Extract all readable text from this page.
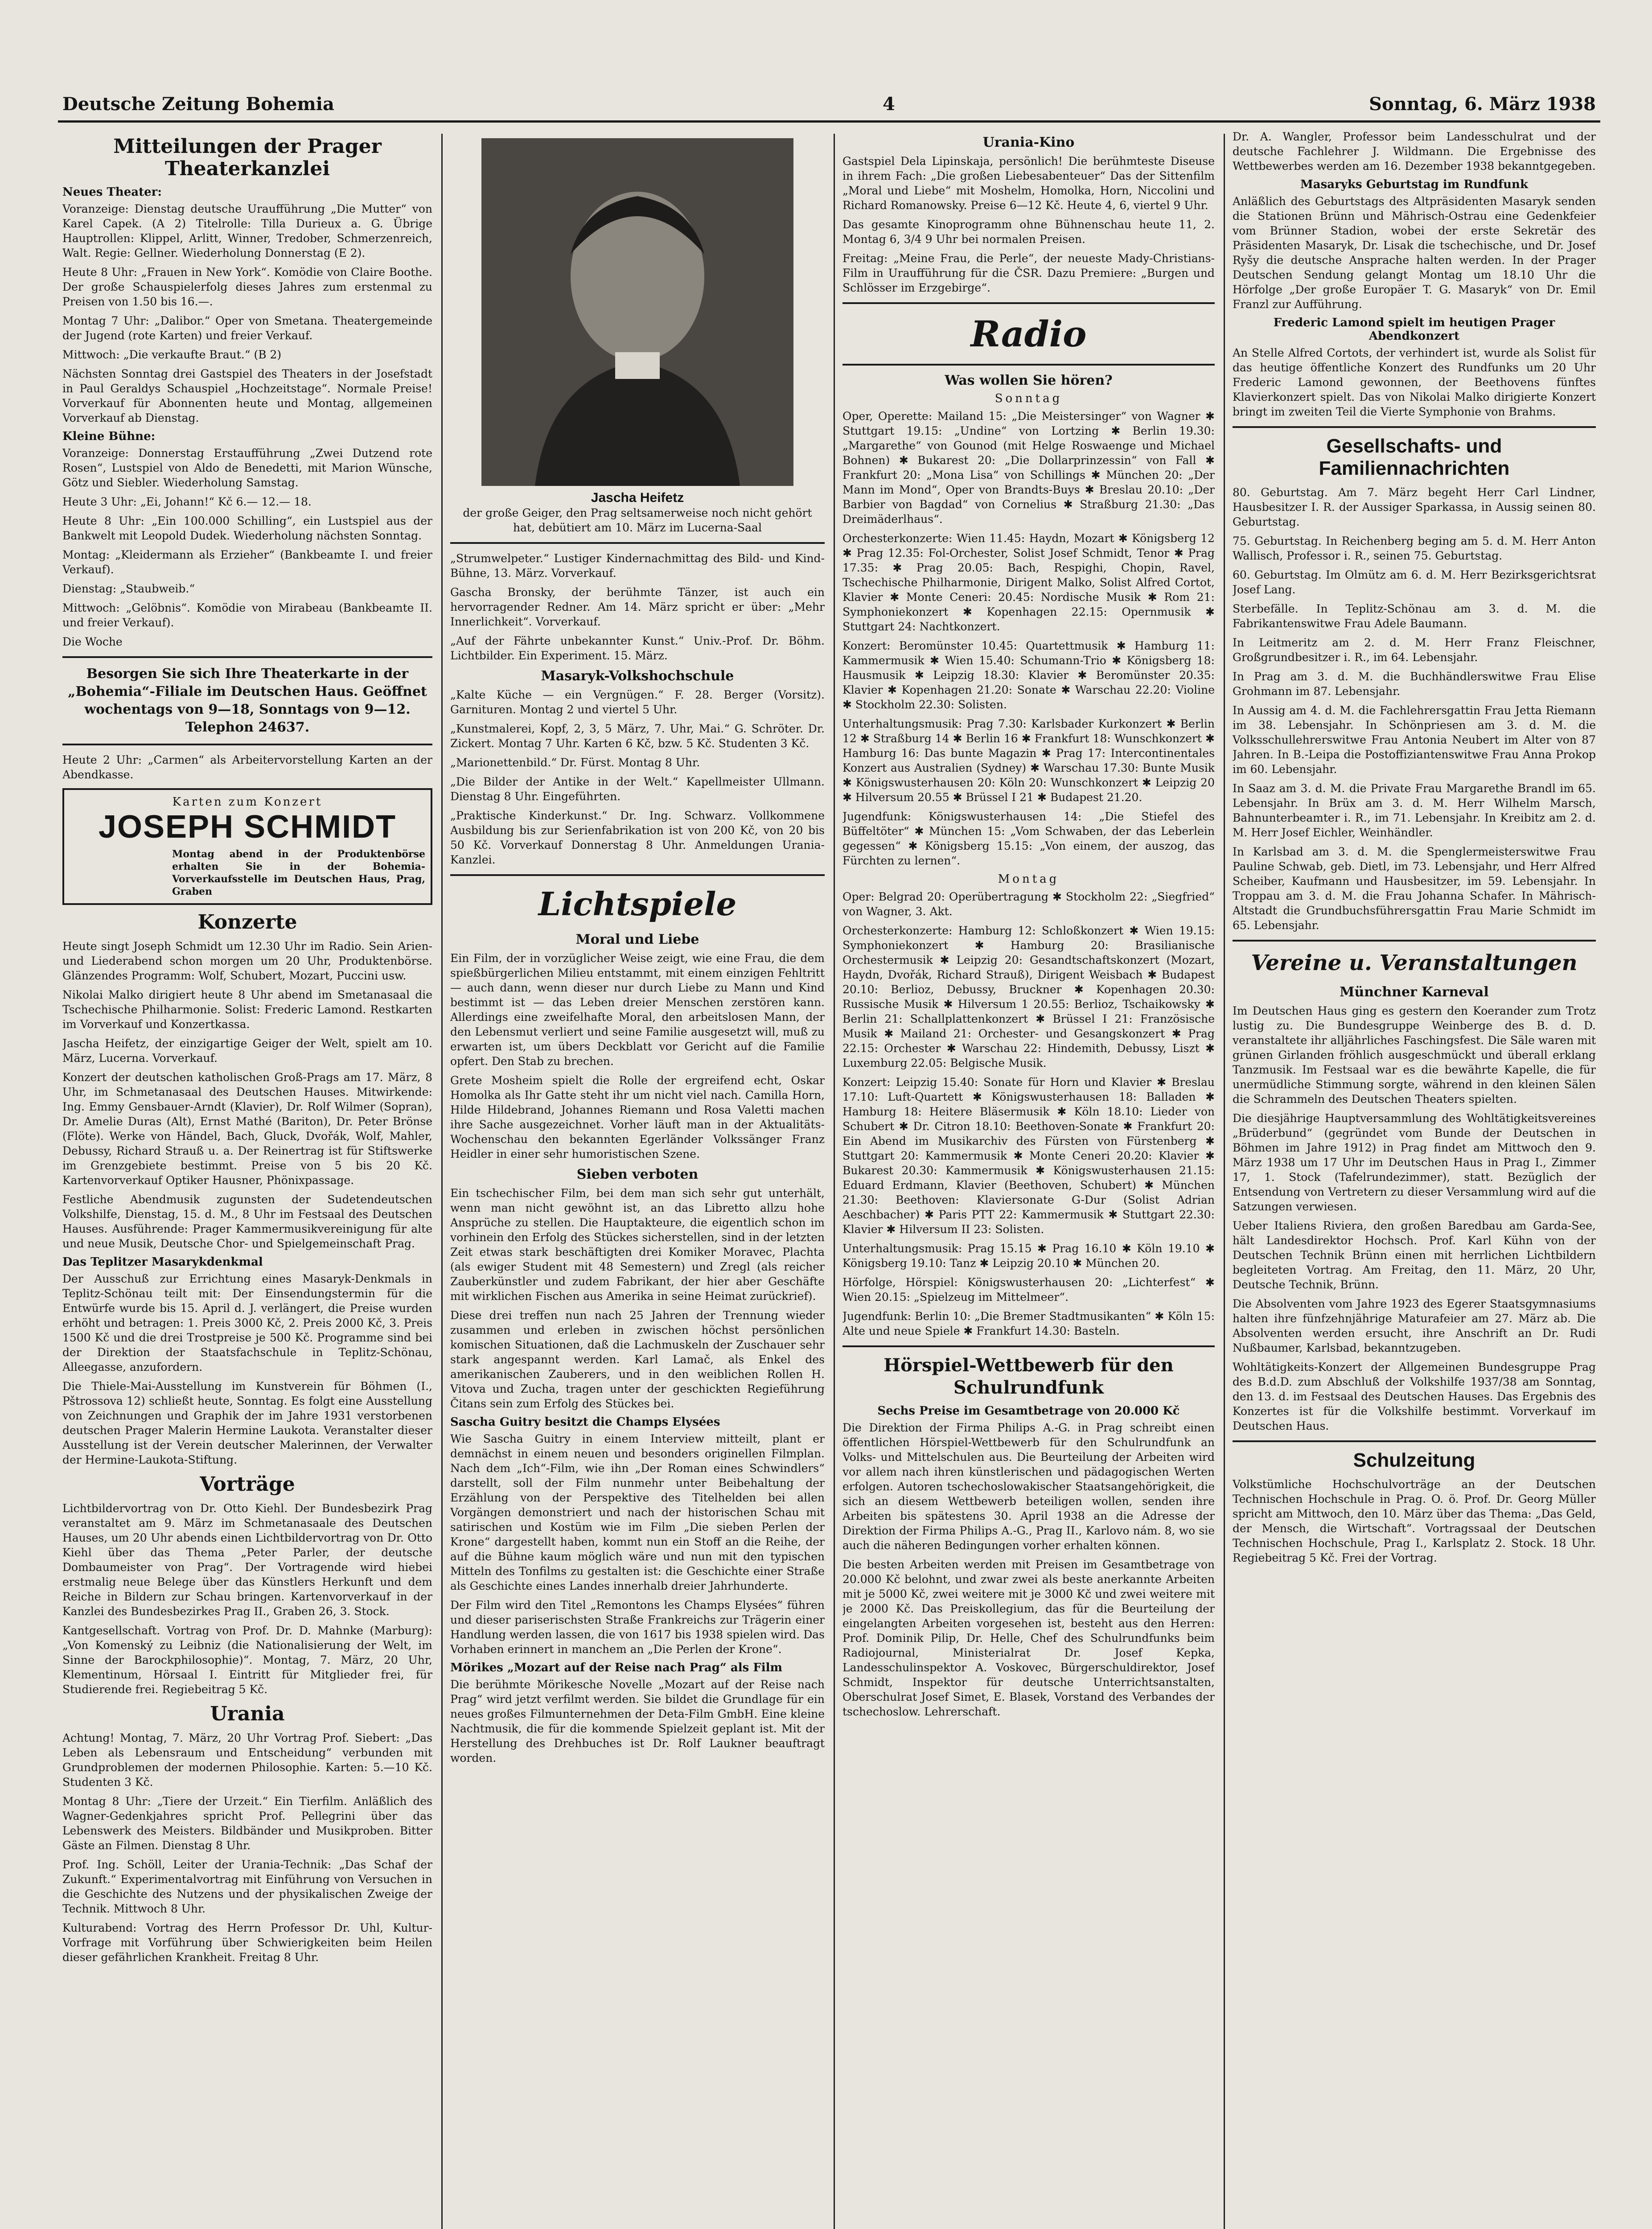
Deutsche Zeitung Bohemia	4	Sonntag, 6. März 1938
Mitteilungen der Prager Theaterkanzlei
Neues Theater:

Voranzeige: Dienstag deutsche Uraufführung „Die Mutter“ von Karel Capek. (A 2) Titelrolle: Tilla Durieux a. G. Übrige Hauptrollen: Klippel, Arlitt, Winner, Tredober, Schmerzenreich, Walt. Regie: Gellner. Wiederholung Donnerstag (E 2).

Heute 8 Uhr: „Frauen in New York“. Komödie von Claire Boothe. Der große Schauspielerfolg dieses Jahres zum erstenmal zu Preisen von 1.50 bis 16.—.

Montag 7 Uhr: „Dalibor.“ Oper von Smetana. Theatergemeinde der Jugend (rote Karten) und freier Verkauf.

Mittwoch: „Die verkaufte Braut.“ (B 2)

Nächsten Sonntag drei Gastspiel des Theaters in der Josefstadt in Paul Geraldys Schauspiel „Hochzeitstage“. Normale Preise! Vorverkauf für Abonnenten heute und Montag, allgemeinen Vorverkauf ab Dienstag.

Kleine Bühne:

Voranzeige: Donnerstag Erstaufführung „Zwei Dutzend rote Rosen“, Lustspiel von Aldo de Benedetti, mit Marion Wünsche, Götz und Siebler. Wiederholung Samstag.

Heute 3 Uhr: „Ei, Johann!“ Kč 6.— 12.— 18.

Heute 8 Uhr: „Ein 100.000 Schilling“, ein Lustspiel aus der Bankwelt mit Leopold Dudek. Wiederholung nächsten Sonntag.

Montag: „Kleidermann als Erzieher“ (Bankbeamte I. und freier Verkauf).

Dienstag: „Staubweib.“

Mittwoch: „Gelöbnis“. Komödie von Mirabeau (Bankbeamte II. und freier Verkauf).

Die Woche

Besorgen Sie sich Ihre Theaterkarte in der „Bohemia“-Filiale im Deutschen Haus. Geöffnet wochentags von 9—18, Sonntags von 9—12. Telephon 24637.

Heute 2 Uhr: „Carmen“ als Arbeitervorstellung Karten an der Abendkasse.

Karten zum Konzert
JOSEPH SCHMIDT

Montag abend in der Produktenbörse erhalten Sie in der Bohemia-Vorverkaufsstelle im Deutschen Haus, Prag, Graben

Konzerte

Heute singt Joseph Schmidt um 12.30 Uhr im Radio. Sein Arien- und Liederabend schon morgen um 20 Uhr, Produktenbörse. Glänzendes Programm: Wolf, Schubert, Mozart, Puccini usw.

Nikolai Malko dirigiert heute 8 Uhr abend im Smetanasaal die Tschechische Philharmonie. Solist: Frederic Lamond. Restkarten im Vorverkauf und Konzertkassa.

Jascha Heifetz, der einzigartige Geiger der Welt, spielt am 10. März, Lucerna. Vorverkauf.

Konzert der deutschen katholischen Groß-Prags am 17. März, 8 Uhr, im Schmetanasaal des Deutschen Hauses. Mitwirkende: Ing. Emmy Gensbauer-Arndt (Klavier), Dr. Rolf Wilmer (Sopran), Dr. Amelie Duras (Alt), Ernst Mathé (Bariton), Dr. Peter Brönse (Flöte). Werke von Händel, Bach, Gluck, Dvořák, Wolf, Mahler, Debussy, Richard Strauß u. a. Der Reinertrag ist für Stiftswerke im Grenzgebiete bestimmt. Preise von 5 bis 20 Kč. Kartenvorverkauf Optiker Hausner, Phönixpassage.

Festliche Abendmusik zugunsten der Sudetendeutschen Volkshilfe, Dienstag, 15. d. M., 8 Uhr im Festsaal des Deutschen Hauses. Ausführende: Prager Kammermusikvereinigung für alte und neue Musik, Deutsche Chor- und Spielgemeinschaft Prag.

Das Teplitzer Masarykdenkmal

Der Ausschuß zur Errichtung eines Masaryk-Denkmals in Teplitz-Schönau teilt mit: Der Einsendungstermin für die Entwürfe wurde bis 15. April d. J. verlängert, die Preise wurden erhöht und betragen: 1. Preis 3000 Kč, 2. Preis 2000 Kč, 3. Preis 1500 Kč und die drei Trostpreise je 500 Kč. Programme sind bei der Direktion der Staatsfachschule in Teplitz-Schönau, Alleegasse, anzufordern.

Die Thiele-Mai-Ausstellung im Kunstverein für Böhmen (I., Pštrossova 12) schließt heute, Sonntag. Es folgt eine Ausstellung von Zeichnungen und Graphik der im Jahre 1931 verstorbenen deutschen Prager Malerin Hermine Laukota. Veranstalter dieser Ausstellung ist der Verein deutscher Malerinnen, der Verwalter der Hermine-Laukota-Stiftung.

Vorträge

Lichtbildervortrag von Dr. Otto Kiehl. Der Bundesbezirk Prag veranstaltet am 9. März im Schmetanasaale des Deutschen Hauses, um 20 Uhr abends einen Lichtbildervortrag von Dr. Otto Kiehl über das Thema „Peter Parler, der deutsche Dombaumeister von Prag“. Der Vortragende wird hiebei erstmalig neue Belege über das Künstlers Herkunft und dem Reiche in Bildern zur Schau bringen. Kartenvorverkauf in der Kanzlei des Bundesbezirkes Prag II., Graben 26, 3. Stock.

Kantgesellschaft. Vortrag von Prof. Dr. D. Mahnke (Marburg): „Von Komenský zu Leibniz (die Nationalisierung der Welt, im Sinne der Barockphilosophie)“. Montag, 7. März, 20 Uhr, Klementinum, Hörsaal I. Eintritt für Mitglieder frei, für Studierende frei. Regiebeitrag 5 Kč.

Urania

Achtung! Montag, 7. März, 20 Uhr Vortrag Prof. Siebert: „Das Leben als Lebensraum und Entscheidung“ verbunden mit Grundproblemen der modernen Philosophie. Karten: 5.—10 Kč. Studenten 3 Kč.

Montag 8 Uhr: „Tiere der Urzeit.“ Ein Tierfilm. Anläßlich des Wagner-Gedenkjahres spricht Prof. Pellegrini über das Lebenswerk des Meisters. Bildbänder und Musikproben. Bitter Gäste an Filmen. Dienstag 8 Uhr.

Prof. Ing. Schöll, Leiter der Urania-Technik: „Das Schaf der Zukunft.“ Experimentalvortrag mit Einführung von Versuchen in die Geschichte des Nutzens und der physikalischen Zweige der Technik. Mittwoch 8 Uhr.

Kulturabend: Vortrag des Herrn Professor Dr. Uhl, Kultur-Vorfrage mit Vorführung über Schwierigkeiten beim Heilen dieser gefährlichen Krankheit. Freitag 8 Uhr.

Jascha Heifetz

der große Geiger, den Prag seltsamerweise noch nicht gehört hat, debütiert am 10. März im Lucerna-Saal

„Strumwelpeter.“ Lustiger Kindernachmittag des Bild- und Kind-Bühne, 13. März. Vorverkauf.

Gascha Bronsky, der berühmte Tänzer, ist auch ein hervorragender Redner. Am 14. März spricht er über: „Mehr Innerlichkeit“. Vorverkauf.

„Auf der Fährte unbekannter Kunst.“ Univ.-Prof. Dr. Böhm. Lichtbilder. Ein Experiment. 15. März.

Masaryk-Volkshochschule

„Kalte Küche — ein Vergnügen.“ F. 28. Berger (Vorsitz). Garnituren. Montag 2 und viertel 5 Uhr.

„Kunstmalerei, Kopf, 2, 3, 5 März, 7. Uhr, Mai.“ G. Schröter. Dr. Zickert. Montag 7 Uhr. Karten 6 Kč, bzw. 5 Kč. Studenten 3 Kč.

„Marionettenbild.“ Dr. Fürst. Montag 8 Uhr.

„Die Bilder der Antike in der Welt.“ Kapellmeister Ullmann. Dienstag 8 Uhr. Eingeführten.

„Praktische Kinderkunst.“ Dr. Ing. Schwarz. Vollkommene Ausbildung bis zur Serienfabrikation ist von 200 Kč, von 20 bis 50 Kč. Vorverkauf Donnerstag 8 Uhr. Anmeldungen Urania-Kanzlei.

Lichtspiele
Moral und Liebe

Ein Film, der in vorzüglicher Weise zeigt, wie eine Frau, die dem spießbürgerlichen Milieu entstammt, mit einem einzigen Fehltritt — auch dann, wenn dieser nur durch Liebe zu Mann und Kind bestimmt ist — das Leben dreier Menschen zerstören kann. Allerdings eine zweifelhafte Moral, den arbeitslosen Mann, der den Lebensmut verliert und seine Familie ausgesetzt will, muß zu erwarten ist, um übers Deckblatt vor Gericht auf die Familie opfert. Den Stab zu brechen.

Grete Mosheim spielt die Rolle der ergreifend echt, Oskar Homolka als Ihr Gatte steht ihr um nicht viel nach. Camilla Horn, Hilde Hildebrand, Johannes Riemann und Rosa Valetti machen ihre Sache ausgezeichnet. Vorher läuft man in der Aktualitäts-Wochenschau den bekannten Egerländer Volkssänger Franz Heidler in einer sehr humoristischen Szene.

Sieben verboten

Ein tschechischer Film, bei dem man sich sehr gut unterhält, wenn man nicht gewöhnt ist, an das Libretto allzu hohe Ansprüche zu stellen. Die Hauptakteure, die eigentlich schon im vorhinein den Erfolg des Stückes sicherstellen, sind in der letzten Zeit etwas stark beschäftigten drei Komiker Moravec, Plachta (als ewiger Student mit 48 Semestern) und Zregl (als reicher Zauberkünstler und zudem Fabrikant, der hier aber Geschäfte mit wirklichen Fischen aus Amerika in seine Heimat zurückrief).

Diese drei treffen nun nach 25 Jahren der Trennung wieder zusammen und erleben in zwischen höchst persönlichen komischen Situationen, daß die Lachmuskeln der Zuschauer sehr stark angespannt werden. Karl Lamač, als Enkel des amerikanischen Zauberers, und in den weiblichen Rollen H. Vitova und Zucha, tragen unter der geschickten Regieführung Čitans sein zum Erfolg des Stückes bei.

Sascha Guitry besitzt die Champs Elysées

Wie Sascha Guitry in einem Interview mitteilt, plant er demnächst in einem neuen und besonders originellen Filmplan. Nach dem „Ich“-Film, wie ihn „Der Roman eines Schwindlers“ darstellt, soll der Film nunmehr unter Beibehaltung der Erzählung von der Perspektive des Titelhelden bei allen Vorgängen demonstriert und nach der historischen Schau mit satirischen und Kostüm wie im Film „Die sieben Perlen der Krone“ dargestellt haben, kommt nun ein Stoff an die Reihe, der auf die Bühne kaum möglich wäre und nun mit den typischen Mitteln des Tonfilms zu gestalten ist: die Geschichte einer Straße als Geschichte eines Landes innerhalb dreier Jahrhunderte.

Der Film wird den Titel „Remontons les Champs Elysées“ führen und dieser pariserischsten Straße Frankreichs zur Trägerin einer Handlung werden lassen, die von 1617 bis 1938 spielen wird. Das Vorhaben erinnert in manchem an „Die Perlen der Krone“.

Mörikes „Mozart auf der Reise nach Prag“ als Film

Die berühmte Mörikesche Novelle „Mozart auf der Reise nach Prag“ wird jetzt verfilmt werden. Sie bildet die Grundlage für ein neues großes Filmunternehmen der Deta-Film GmbH. Eine kleine Nachtmusik, die für die kommende Spielzeit geplant ist. Mit der Herstellung des Drehbuches ist Dr. Rolf Laukner beauftragt worden.

Urania-Kino

Gastspiel Dela Lipinskaja, persönlich! Die berühmteste Diseuse in ihrem Fach: „Die großen Liebesabenteuer“ Das der Sittenfilm „Moral und Liebe“ mit Moshelm, Homolka, Horn, Niccolini und Richard Romanowsky. Preise 6—12 Kč. Heute 4, 6, viertel 9 Uhr.

Das gesamte Kinoprogramm ohne Bühnenschau heute 11, 2. Montag 6, 3/4 9 Uhr bei normalen Preisen.

Freitag: „Meine Frau, die Perle“, der neueste Mady-Christians-Film in Uraufführung für die ČSR. Dazu Premiere: „Burgen und Schlösser im Erzgebirge“.

Radio
Was wollen Sie hören?
Sonntag

Oper, Operette: Mailand 15: „Die Meistersinger“ von Wagner ✱ Stuttgart 19.15: „Undine“ von Lortzing ✱ Berlin 19.30: „Margarethe“ von Gounod (mit Helge Roswaenge und Michael Bohnen) ✱ Bukarest 20: „Die Dollarprinzessin“ von Fall ✱ Frankfurt 20: „Mona Lisa“ von Schillings ✱ München 20: „Der Mann im Mond“, Oper von Brandts-Buys ✱ Breslau 20.10: „Der Barbier von Bagdad“ von Cornelius ✱ Straßburg 21.30: „Das Dreimäderlhaus“.

Orchesterkonzerte: Wien 11.45: Haydn, Mozart ✱ Königsberg 12 ✱ Prag 12.35: Fol-Orchester, Solist Josef Schmidt, Tenor ✱ Prag 17.35: ✱ Prag 20.05: Bach, Respighi, Chopin, Ravel, Tschechische Philharmonie, Dirigent Malko, Solist Alfred Cortot, Klavier ✱ Monte Ceneri: 20.45: Nordische Musik ✱ Rom 21: Symphoniekonzert ✱ Kopenhagen 22.15: Opernmusik ✱ Stuttgart 24: Nachtkonzert.

Konzert: Beromünster 10.45: Quartettmusik ✱ Hamburg 11: Kammermusik ✱ Wien 15.40: Schumann-Trio ✱ Königsberg 18: Hausmusik ✱ Leipzig 18.30: Klavier ✱ Beromünster 20.35: Klavier ✱ Kopenhagen 21.20: Sonate ✱ Warschau 22.20: Violine ✱ Stockholm 22.30: Solisten.

Unterhaltungsmusik: Prag 7.30: Karlsbader Kurkonzert ✱ Berlin 12 ✱ Straßburg 14 ✱ Berlin 16 ✱ Frankfurt 18: Wunschkonzert ✱ Hamburg 16: Das bunte Magazin ✱ Prag 17: Intercontinentales Konzert aus Australien (Sydney) ✱ Warschau 17.30: Bunte Musik ✱ Königswusterhausen 20: Köln 20: Wunschkonzert ✱ Leipzig 20 ✱ Hilversum 20.55 ✱ Brüssel I 21 ✱ Budapest 21.20.

Jugendfunk: Königswusterhausen 14: „Die Stiefel des Büffeltöter“ ✱ München 15: „Vom Schwaben, der das Leberlein gegessen“ ✱ Königsberg 15.15: „Von einem, der auszog, das Fürchten zu lernen“.

Montag

Oper: Belgrad 20: Operübertragung ✱ Stockholm 22: „Siegfried“ von Wagner, 3. Akt.

Orchesterkonzerte: Hamburg 12: Schloßkonzert ✱ Wien 19.15: Symphoniekonzert ✱ Hamburg 20: Brasilianische Orchestermusik ✱ Leipzig 20: Gesandtschaftskonzert (Mozart, Haydn, Dvořák, Richard Strauß), Dirigent Weisbach ✱ Budapest 20.10: Berlioz, Debussy, Bruckner ✱ Kopenhagen 20.30: Russische Musik ✱ Hilversum 1 20.55: Berlioz, Tschaikowsky ✱ Berlin 21: Schallplattenkonzert ✱ Brüssel I 21: Französische Musik ✱ Mailand 21: Orchester- und Gesangskonzert ✱ Prag 22.15: Orchester ✱ Warschau 22: Hindemith, Debussy, Liszt ✱ Luxemburg 22.05: Belgische Musik.

Konzert: Leipzig 15.40: Sonate für Horn und Klavier ✱ Breslau 17.10: Luft-Quartett ✱ Königswusterhausen 18: Balladen ✱ Hamburg 18: Heitere Bläsermusik ✱ Köln 18.10: Lieder von Schubert ✱ Dr. Citron 18.10: Beethoven-Sonate ✱ Frankfurt 20: Ein Abend im Musikarchiv des Fürsten von Fürstenberg ✱ Stuttgart 20: Kammermusik ✱ Monte Ceneri 20.20: Klavier ✱ Bukarest 20.30: Kammermusik ✱ Königswusterhausen 21.15: Eduard Erdmann, Klavier (Beethoven, Schubert) ✱ München 21.30: Beethoven: Klaviersonate G-Dur (Solist Adrian Aeschbacher) ✱ Paris PTT 22: Kammermusik ✱ Stuttgart 22.30: Klavier ✱ Hilversum II 23: Solisten.

Unterhaltungsmusik: Prag 15.15 ✱ Prag 16.10 ✱ Köln 19.10 ✱ Königsberg 19.10: Tanz ✱ Leipzig 20.10 ✱ München 20.

Hörfolge, Hörspiel: Königswusterhausen 20: „Lichterfest“ ✱ Wien 20.15: „Spielzeug im Mittelmeer“.

Jugendfunk: Berlin 10: „Die Bremer Stadtmusikanten“ ✱ Köln 15: Alte und neue Spiele ✱ Frankfurt 14.30: Basteln.

Hörspiel-Wettbewerb für den Schulrundfunk
Sechs Preise im Gesamtbetrage von 20.000 Kč

Die Direktion der Firma Philips A.-G. in Prag schreibt einen öffentlichen Hörspiel-Wettbewerb für den Schulrundfunk an Volks- und Mittelschulen aus. Die Beurteilung der Arbeiten wird vor allem nach ihren künstlerischen und pädagogischen Werten erfolgen. Autoren tschechoslowakischer Staatsangehörigkeit, die sich an diesem Wettbewerb beteiligen wollen, senden ihre Arbeiten bis spätestens 30. April 1938 an die Adresse der Direktion der Firma Philips A.-G., Prag II., Karlovo nám. 8, wo sie auch die näheren Bedingungen vorher erhalten können.

Die besten Arbeiten werden mit Preisen im Gesamtbetrage von 20.000 Kč belohnt, und zwar zwei als beste anerkannte Arbeiten mit je 5000 Kč, zwei weitere mit je 3000 Kč und zwei weitere mit je 2000 Kč. Das Preiskollegium, das für die Beurteilung der eingelangten Arbeiten vorgesehen ist, besteht aus den Herren: Prof. Dominik Pilip, Dr. Helle, Chef des Schulrundfunks beim Radiojournal, Ministerialrat Dr. Josef Kepka, Landesschulinspektor A. Voskovec, Bürgerschuldirektor, Josef Schmidt, Inspektor für deutsche Unterrichtsanstalten, Oberschulrat Josef Simet, E. Blasek, Vorstand des Verbandes der tschechoslow. Lehrerschaft.

Dr. A. Wangler, Professor beim Landesschulrat und der deutsche Fachlehrer J. Wildmann. Die Ergebnisse des Wettbewerbes werden am 16. Dezember 1938 bekanntgegeben.

Masaryks Geburtstag im Rundfunk

Anläßlich des Geburtstags des Altpräsidenten Masaryk senden die Stationen Brünn und Mährisch-Ostrau eine Gedenkfeier vom Brünner Stadion, wobei der erste Sekretär des Präsidenten Masaryk, Dr. Lisak die tschechische, und Dr. Josef Ryšy die deutsche Ansprache halten werden. In der Prager Deutschen Sendung gelangt Montag um 18.10 Uhr die Hörfolge „Der große Europäer T. G. Masaryk“ von Dr. Emil Franzl zur Aufführung.

Frederic Lamond spielt im heutigen Prager Abendkonzert

An Stelle Alfred Cortots, der verhindert ist, wurde als Solist für das heutige öffentliche Konzert des Rundfunks um 20 Uhr Frederic Lamond gewonnen, der Beethovens fünftes Klavierkonzert spielt. Das von Nikolai Malko dirigierte Konzert bringt im zweiten Teil die Vierte Symphonie von Brahms.

Gesellschafts- und Familiennachrichten

80. Geburtstag. Am 7. März begeht Herr Carl Lindner, Hausbesitzer I. R. der Aussiger Sparkassa, in Aussig seinen 80. Geburtstag.

75. Geburtstag. In Reichenberg beging am 5. d. M. Herr Anton Wallisch, Professor i. R., seinen 75. Geburtstag.

60. Geburtstag. Im Olmütz am 6. d. M. Herr Bezirksgerichtsrat Josef Lang.

Sterbefälle. In Teplitz-Schönau am 3. d. M. die Fabrikantenswitwe Frau Adele Baumann.

In Leitmeritz am 2. d. M. Herr Franz Fleischner, Großgrundbesitzer i. R., im 64. Lebensjahr.

In Prag am 3. d. M. die Buchhändlerswitwe Frau Elise Grohmann im 87. Lebensjahr.

In Aussig am 4. d. M. die Fachlehrersgattin Frau Jetta Riemann im 38. Lebensjahr. In Schönpriesen am 3. d. M. die Volksschullehrerswitwe Frau Antonia Neubert im Alter von 87 Jahren. In B.-Leipa die Postoffiziantenswitwe Frau Anna Prokop im 60. Lebensjahr.

In Saaz am 3. d. M. die Private Frau Margarethe Brandl im 65. Lebensjahr. In Brüx am 3. d. M. Herr Wilhelm Marsch, Bahnunterbeamter i. R., im 71. Lebensjahr. In Kreibitz am 2. d. M. Herr Josef Eichler, Weinhändler.

In Karlsbad am 3. d. M. die Spenglermeisterswitwe Frau Pauline Schwab, geb. Dietl, im 73. Lebensjahr, und Herr Alfred Scheiber, Kaufmann und Hausbesitzer, im 59. Lebensjahr. In Troppau am 3. d. M. die Frau Johanna Schafer. In Mährisch-Altstadt die Grundbuchsführersgattin Frau Marie Schmidt im 65. Lebensjahr.

Vereine u. Veranstaltungen
Münchner Karneval

Im Deutschen Haus ging es gestern den Koerander zum Trotz lustig zu. Die Bundesgruppe Weinberge des B. d. D. veranstaltete ihr alljährliches Faschingsfest. Die Säle waren mit grünen Girlanden fröhlich ausgeschmückt und überall erklang Tanzmusik. Im Festsaal war es die bewährte Kapelle, die für unermüdliche Stimmung sorgte, während in den kleinen Sälen die Schrammeln des Deutschen Theaters spielten.

Die diesjährige Hauptversammlung des Wohltätigkeitsvereines „Brüderbund“ (gegründet vom Bunde der Deutschen in Böhmen im Jahre 1912) in Prag findet am Mittwoch den 9. März 1938 um 17 Uhr im Deutschen Haus in Prag I., Zimmer 17, 1. Stock (Tafelrundezimmer), statt. Bezüglich der Entsendung von Vertretern zu dieser Versammlung wird auf die Satzungen verwiesen.

Ueber Italiens Riviera, den großen Baredbau am Garda-See, hält Landesdirektor Hochsch. Prof. Karl Kühn von der Deutschen Technik Brünn einen mit herrlichen Lichtbildern begleiteten Vortrag. Am Freitag, den 11. März, 20 Uhr, Deutsche Technik, Brünn.

Die Absolventen vom Jahre 1923 des Egerer Staatsgymnasiums halten ihre fünfzehnjährige Maturafeier am 27. März ab. Die Absolventen werden ersucht, ihre Anschrift an Dr. Rudi Nußbaumer, Karlsbad, bekanntzugeben.

Wohltätigkeits-Konzert der Allgemeinen Bundesgruppe Prag des B.d.D. zum Abschluß der Volkshilfe 1937/38 am Sonntag, den 13. d. im Festsaal des Deutschen Hauses. Das Ergebnis des Konzertes ist für die Volkshilfe bestimmt. Vorverkauf im Deutschen Haus.

Schulzeitung

Volkstümliche Hochschulvorträge an der Deutschen Technischen Hochschule in Prag. O. ö. Prof. Dr. Georg Müller spricht am Mittwoch, den 10. März über das Thema: „Das Geld, der Mensch, die Wirtschaft“. Vortragssaal der Deutschen Technischen Hochschule, Prag I., Karlsplatz 2. Stock. 18 Uhr. Regiebeitrag 5 Kč. Frei der Vortrag.
